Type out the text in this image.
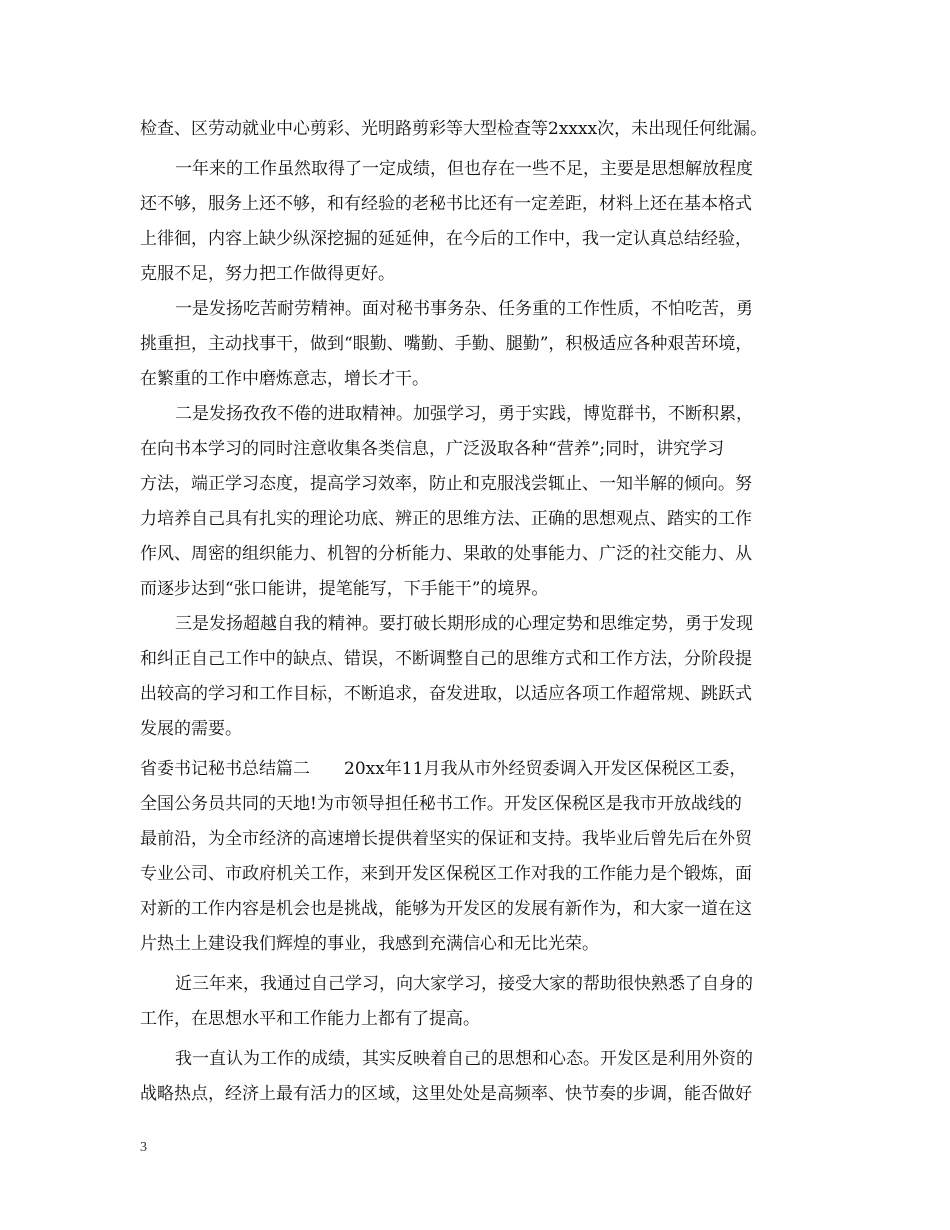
检查、区劳动就业中心剪彩、光明路剪彩等大型检查等2xxxx次，未出现任何纰漏。
一年来的工作虽然取得了一定成绩，但也存在一些不足，主要是思想解放程度
还不够，服务上还不够，和有经验的老秘书比还有一定差距，材料上还在基本格式
上徘徊，内容上缺少纵深挖掘的延延伸，在今后的工作中，我一定认真总结经验，
克服不足，努力把工作做得更好。
一是发扬吃苦耐劳精神。面对秘书事务杂、任务重的工作性质，不怕吃苦，勇
挑重担，主动找事干，做到“眼勤、嘴勤、手勤、腿勤”，积极适应各种艰苦环境，
在繁重的工作中磨炼意志，增长才干。
二是发扬孜孜不倦的进取精神。加强学习，勇于实践，博览群书，不断积累，
在向书本学习的同时注意收集各类信息，广泛汲取各种“营养”;同时，讲究学习
方法，端正学习态度，提高学习效率，防止和克服浅尝辄止、一知半解的倾向。努
力培养自己具有扎实的理论功底、辨正的思维方法、正确的思想观点、踏实的工作
作风、周密的组织能力、机智的分析能力、果敢的处事能力、广泛的社交能力、从
而逐步达到“张口能讲，提笔能写，下手能干”的境界。
三是发扬超越自我的精神。要打破长期形成的心理定势和思维定势，勇于发现
和纠正自己工作中的缺点、错误，不断调整自己的思维方式和工作方法，分阶段提
出较高的学习和工作目标，不断追求，奋发进取，以适应各项工作超常规、跳跃式
发展的需要。
省委书记秘书总结篇二　　20xx年11月我从市外经贸委调入开发区保税区工委，
全国公务员共同的天地!为市领导担任秘书工作。开发区保税区是我市开放战线的
最前沿，为全市经济的高速增长提供着坚实的保证和支持。我毕业后曾先后在外贸
专业公司、市政府机关工作，来到开发区保税区工作对我的工作能力是个锻炼，面
对新的工作内容是机会也是挑战，能够为开发区的发展有新作为，和大家一道在这
片热土上建设我们辉煌的事业，我感到充满信心和无比光荣。
近三年来，我通过自己学习，向大家学习，接受大家的帮助很快熟悉了自身的
工作，在思想水平和工作能力上都有了提高。
我一直认为工作的成绩，其实反映着自己的思想和心态。开发区是利用外资的
战略热点，经济上最有活力的区域，这里处处是高频率、快节奏的步调，能否做好
3
